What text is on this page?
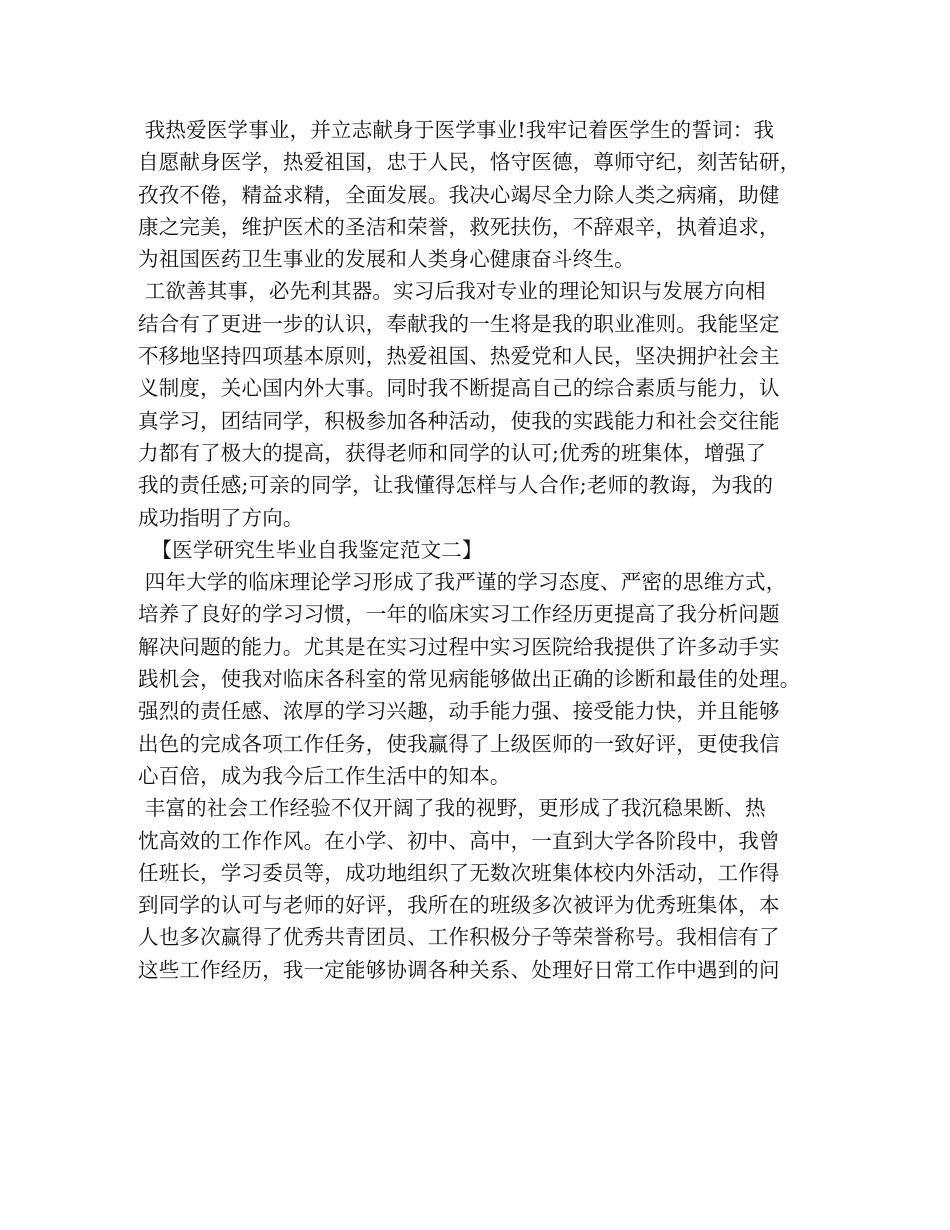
我热爱医学事业，并立志献身于医学事业!我牢记着医学生的誓词：我
自愿献身医学，热爱祖国，忠于人民，恪守医德，尊师守纪，刻苦钻研，
孜孜不倦，精益求精，全面发展。我决心竭尽全力除人类之病痛，助健
康之完美，维护医术的圣洁和荣誉，救死扶伤，不辞艰辛，执着追求，
为祖国医药卫生事业的发展和人类身心健康奋斗终生。
工欲善其事，必先利其器。实习后我对专业的理论知识与发展方向相
结合有了更进一步的认识，奉献我的一生将是我的职业准则。我能坚定
不移地坚持四项基本原则，热爱祖国、热爱党和人民，坚决拥护社会主
义制度，关心国内外大事。同时我不断提高自己的综合素质与能力，认
真学习，团结同学，积极参加各种活动，使我的实践能力和社会交往能
力都有了极大的提高，获得老师和同学的认可;优秀的班集体，增强了
我的责任感;可亲的同学，让我懂得怎样与人合作;老师的教诲，为我的
成功指明了方向。
【医学研究生毕业自我鉴定范文二】
四年大学的临床理论学习形成了我严谨的学习态度、严密的思维方式，
培养了良好的学习习惯，一年的临床实习工作经历更提高了我分析问题
解决问题的能力。尤其是在实习过程中实习医院给我提供了许多动手实
践机会，使我对临床各科室的常见病能够做出正确的诊断和最佳的处理。
强烈的责任感、浓厚的学习兴趣，动手能力强、接受能力快，并且能够
出色的完成各项工作任务，使我赢得了上级医师的一致好评，更使我信
心百倍，成为我今后工作生活中的知本。
丰富的社会工作经验不仅开阔了我的视野，更形成了我沉稳果断、热
忱高效的工作作风。在小学、初中、高中，一直到大学各阶段中，我曾
任班长，学习委员等，成功地组织了无数次班集体校内外活动，工作得
到同学的认可与老师的好评，我所在的班级多次被评为优秀班集体，本
人也多次赢得了优秀共青团员、工作积极分子等荣誉称号。我相信有了
这些工作经历，我一定能够协调各种关系、处理好日常工作中遇到的问
